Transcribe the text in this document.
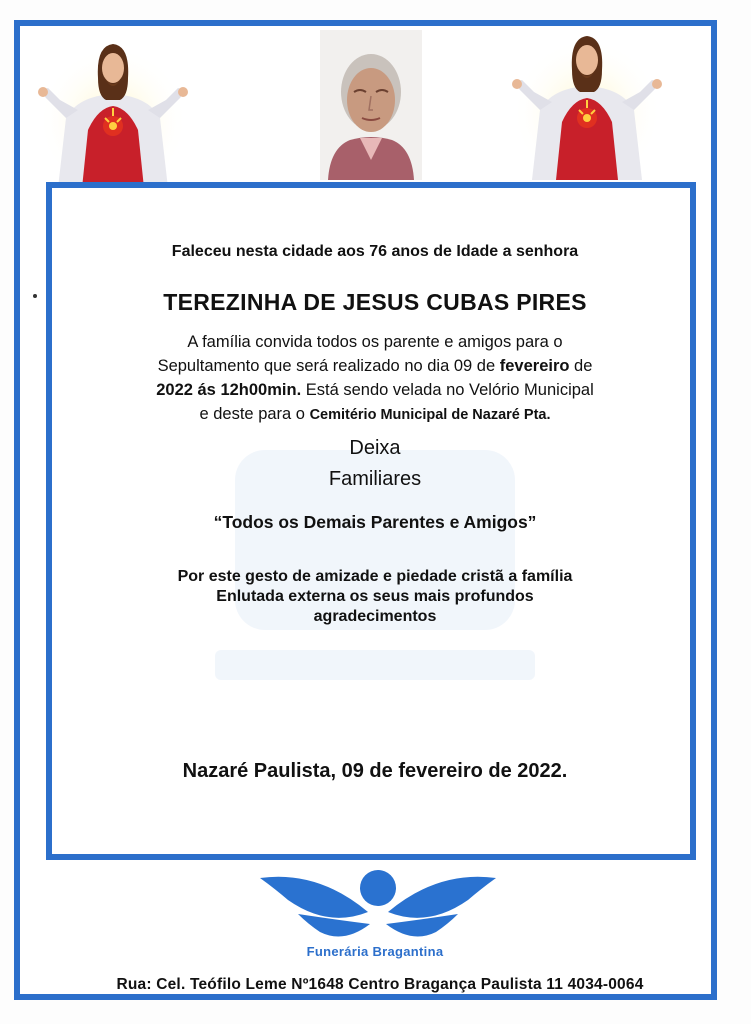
Faleceu nesta cidade aos 76 anos de Idade a senhora
TEREZINHA DE JESUS CUBAS PIRES
A família convida todos os parente e amigos para o
Sepultamento que será realizado no dia 09 de fevereiro de
2022 ás 12h00min. Está sendo velada no Velório Municipal
e deste para o Cemitério Municipal de Nazaré Pta.
Deixa
Familiares
“Todos os Demais Parentes e Amigos”
Por este gesto de amizade e piedade cristã a família
Enlutada externa os seus mais profundos
agradecimentos
Nazaré Paulista, 09 de fevereiro de 2022.
Funerária Bragantina
Rua: Cel. Teófilo Leme Nº1648 Centro Bragança Paulista 11 4034-0064
